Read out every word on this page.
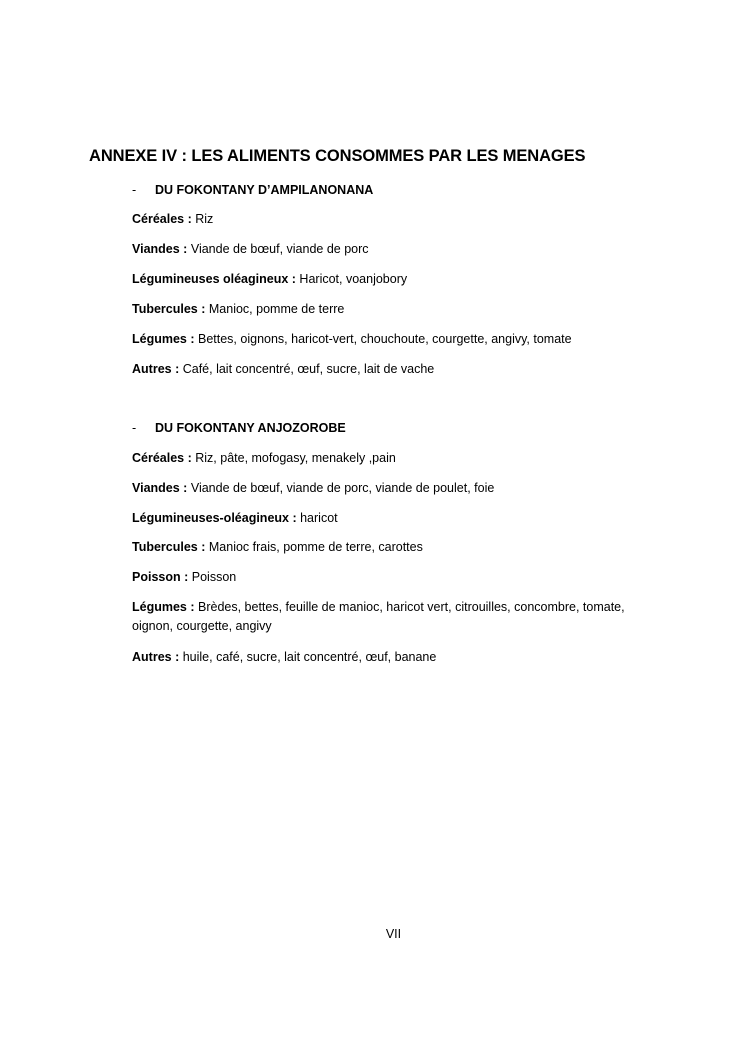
ANNEXE IV : LES ALIMENTS CONSOMMES PAR LES MENAGES
- DU FOKONTANY D’AMPILANONANA
Céréales : Riz
Viandes : Viande de bœuf, viande de porc
Légumineuses oléagineux : Haricot, voanjobory
Tubercules : Manioc, pomme de terre
Légumes : Bettes, oignons, haricot-vert, chouchoute, courgette, angivy, tomate
Autres : Café, lait concentré, œuf, sucre, lait de vache
- DU FOKONTANY ANJOZOROBE
Céréales : Riz, pâte, mofogasy, menakely ,pain
Viandes : Viande de bœuf, viande de porc, viande de poulet, foie
Légumineuses-oléagineux : haricot
Tubercules : Manioc frais, pomme de terre, carottes
Poisson : Poisson
Légumes : Brèdes, bettes, feuille de manioc, haricot vert, citrouilles, concombre, tomate, oignon, courgette, angivy
Autres : huile, café, sucre, lait concentré, œuf, banane
VII
